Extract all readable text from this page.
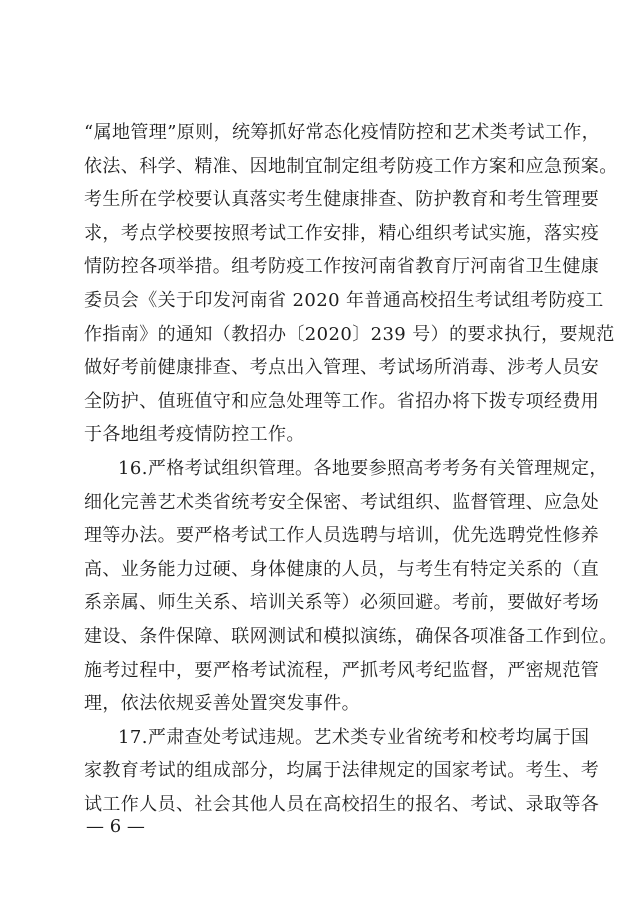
“属地管理”原则，统筹抓好常态化疫情防控和艺术类考试工作，
依法、科学、精准、因地制宜制定组考防疫工作方案和应急预案。
考生所在学校要认真落实考生健康排查、防护教育和考生管理要
求，考点学校要按照考试工作安排，精心组织考试实施，落实疫
情防控各项举措。组考防疫工作按河南省教育厅河南省卫生健康
委员会《关于印发河南省 2020 年普通高校招生考试组考防疫工
作指南》的通知（教招办〔2020〕239 号）的要求执行，要规范
做好考前健康排查、考点出入管理、考试场所消毒、涉考人员安
全防护、值班值守和应急处理等工作。省招办将下拨专项经费用
于各地组考疫情防控工作。
16.严格考试组织管理。各地要参照高考考务有关管理规定，
细化完善艺术类省统考安全保密、考试组织、监督管理、应急处
理等办法。要严格考试工作人员选聘与培训，优先选聘党性修养
高、业务能力过硬、身体健康的人员，与考生有特定关系的（直
系亲属、师生关系、培训关系等）必须回避。考前，要做好考场
建设、条件保障、联网测试和模拟演练，确保各项准备工作到位。
施考过程中，要严格考试流程，严抓考风考纪监督，严密规范管
理，依法依规妥善处置突发事件。
17.严肃查处考试违规。艺术类专业省统考和校考均属于国
家教育考试的组成部分，均属于法律规定的国家考试。考生、考
试工作人员、社会其他人员在高校招生的报名、考试、录取等各
— 6 —
